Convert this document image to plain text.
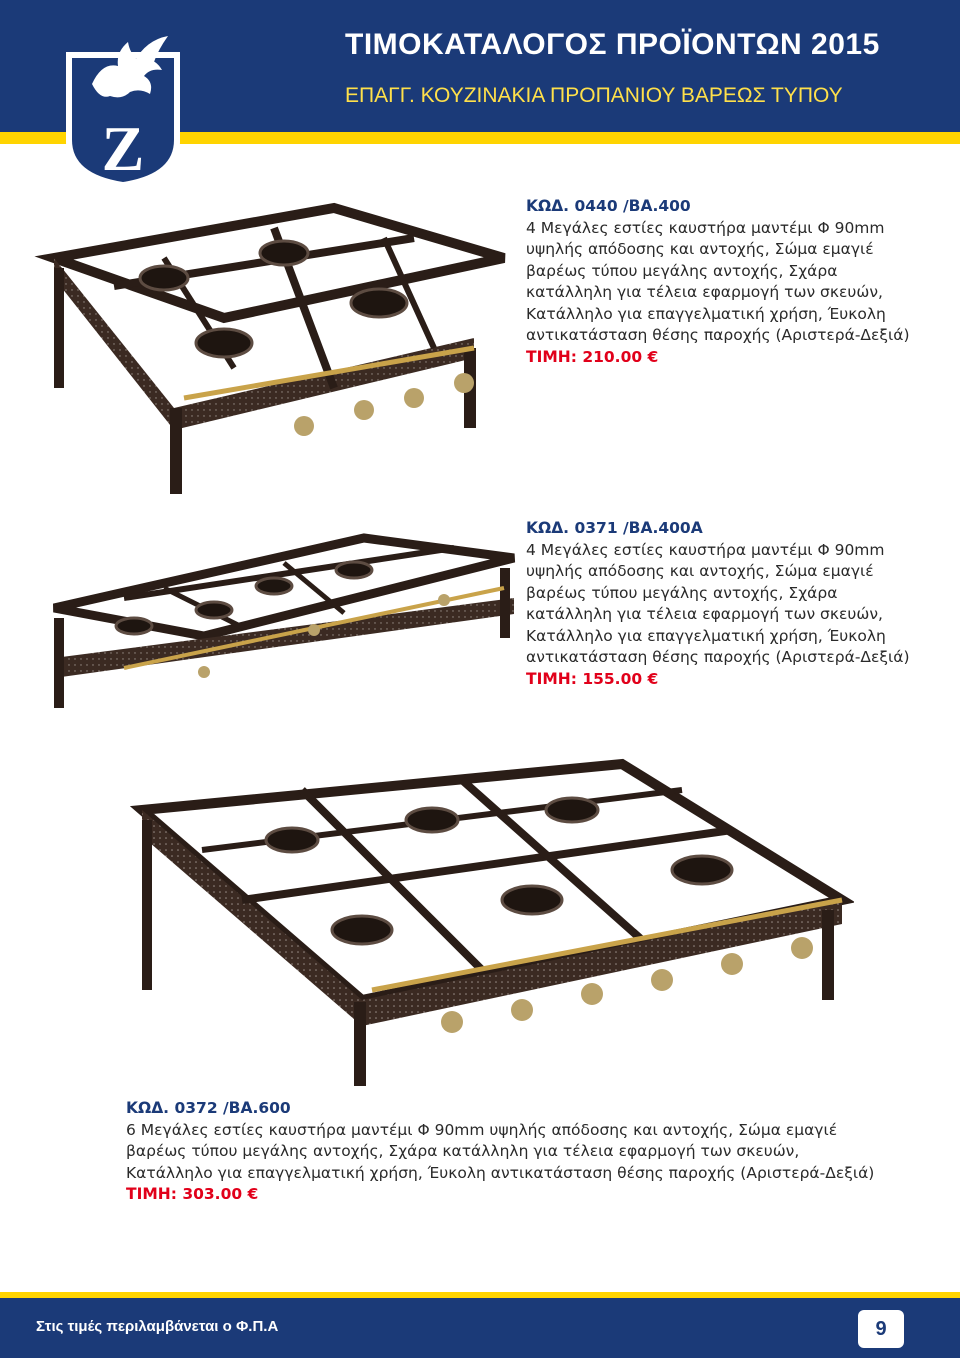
Z
ΤΙΜΟΚΑΤΑΛΟΓΟΣ ΠΡΟΪΟΝΤΩΝ 2015
ΕΠΑΓΓ. ΚΟΥΖΙΝΑΚΙΑ ΠΡΟΠΑΝΙΟΥ ΒΑΡΕΩΣ ΤΥΠΟΥ
ΚΩΔ. 0440 /ΒΑ.400
4 Μεγάλες εστίες καυστήρα μαντέμι Φ 90mm
υψηλής απόδοσης και αντοχής, Σώμα εμαγιέ
βαρέως τύπου μεγάλης αντοχής, Σχάρα
κατάλληλη για τέλεια εφαρμογή των σκευών,
Κατάλληλο για επαγγελματική χρήση, Έυκολη
αντικατάσταση θέσης παροχής (Αριστερά-Δεξιά)
ΤΙΜΗ: 210.00 €
ΚΩΔ. 0371 /ΒΑ.400Α
4 Μεγάλες εστίες καυστήρα μαντέμι Φ 90mm
υψηλής απόδοσης και αντοχής, Σώμα εμαγιέ
βαρέως τύπου μεγάλης αντοχής, Σχάρα
κατάλληλη για τέλεια εφαρμογή των σκευών,
Κατάλληλο για επαγγελματική χρήση, Έυκολη
αντικατάσταση θέσης παροχής (Αριστερά-Δεξιά)
ΤΙΜΗ: 155.00 €
ΚΩΔ. 0372 /ΒΑ.600
6 Μεγάλες εστίες καυστήρα μαντέμι Φ 90mm υψηλής απόδοσης και αντοχής, Σώμα εμαγιέ
βαρέως τύπου μεγάλης αντοχής, Σχάρα κατάλληλη για τέλεια εφαρμογή των σκευών,
Κατάλληλο για επαγγελματική χρήση, Έυκολη αντικατάσταση θέσης παροχής (Αριστερά-Δεξιά)
ΤΙΜΗ: 303.00 €
Στις τιμές περιλαμβάνεται ο Φ.Π.Α	9
